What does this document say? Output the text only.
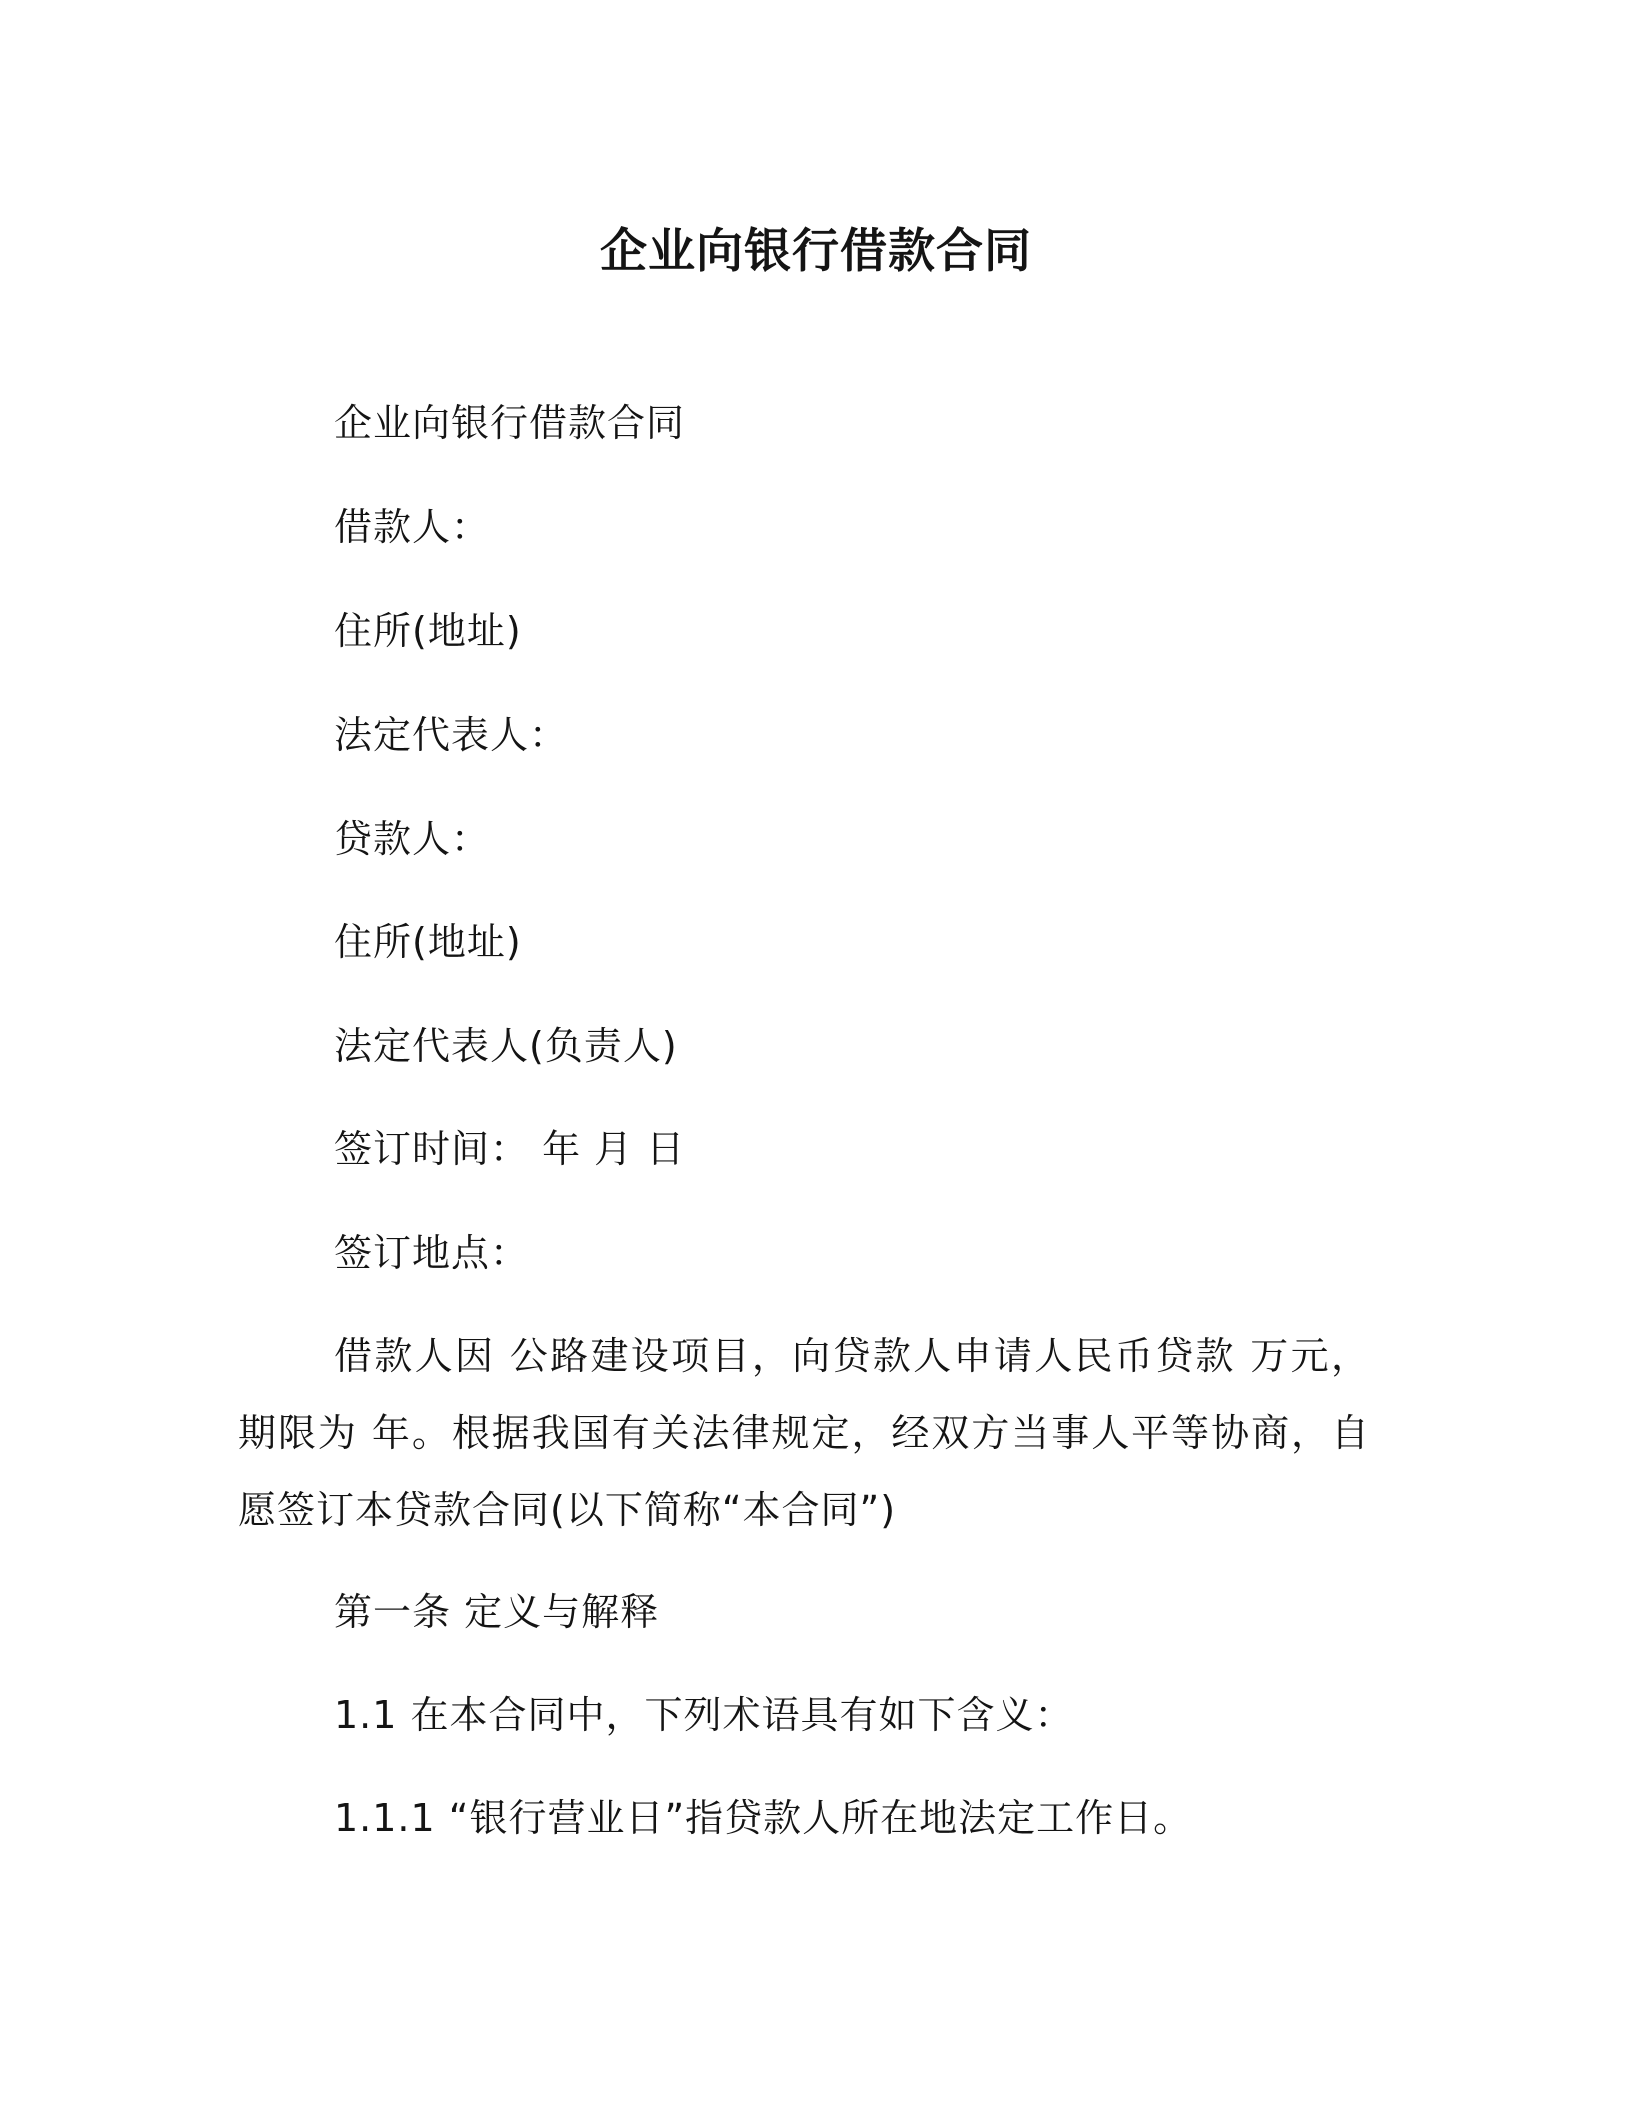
企业向银行借款合同
企业向银行借款合同
借款人：
住所(地址)
法定代表人：
贷款人：
住所(地址)
法定代表人(负责人)
签订时间： 年 月 日
签订地点：
借款人因 公路建设项目，向贷款人申请人民币贷款 万元，期限为 年。根据我国有关法律规定，经双方当事人平等协商，自愿签订本贷款合同(以下简称“本合同”)
第一条 定义与解释
1.1 在本合同中，下列术语具有如下含义：
1.1.1 “银行营业日”指贷款人所在地法定工作日。
